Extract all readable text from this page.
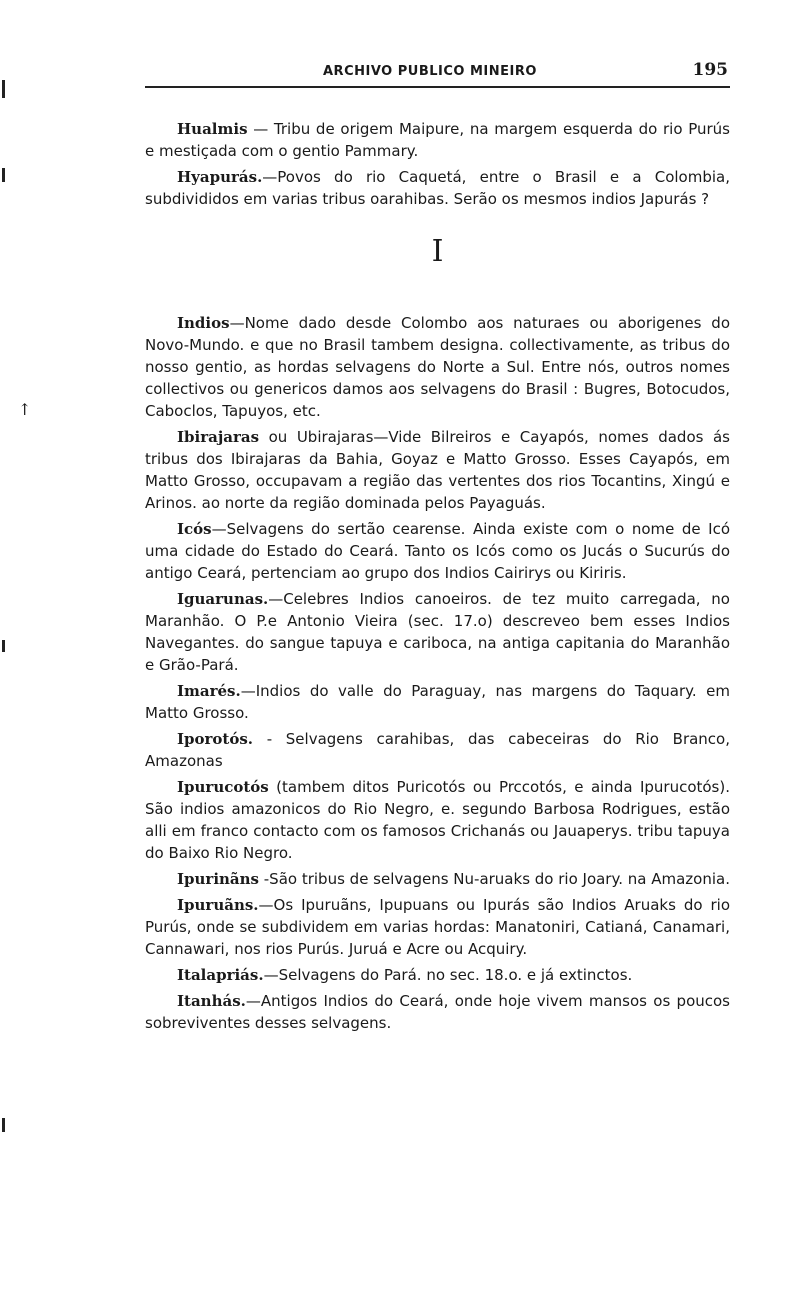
↑
ARCHIVO PUBLICO MINEIRO	195

Hualmis — Tribu de origem Maipure, na margem esquerda do rio Purús e mestiçada com o gentio Pammary.

Hyapurás.—Povos do rio Caquetá, entre o Brasil e a Colombia, subdivididos em varias tribus oarahibas. Serão os mesmos indios Japurás ?

I

Indios—Nome dado desde Colombo aos naturaes ou aborigenes do Novo-Mundo. e que no Brasil tambem designa. collectivamente, as tribus do nosso gentio, as hordas selvagens do Norte a Sul. Entre nós, outros nomes collectivos ou genericos damos aos selvagens do Brasil : Bugres, Botocudos, Caboclos, Tapuyos, etc.

Ibirajaras ou Ubirajaras—Vide Bilreiros e Cayapós, nomes dados ás tribus dos Ibirajaras da Bahia, Goyaz e Matto Grosso. Esses Cayapós, em Matto Grosso, occupavam a região das vertentes dos rios Tocantins, Xingú e Arinos. ao norte da região dominada pelos Payaguás.

Icós—Selvagens do sertão cearense. Ainda existe com o nome de Icó uma cidade do Estado do Ceará. Tanto os Icós como os Jucás o Sucurús do antigo Ceará, pertenciam ao grupo dos Indios Cairirys ou Kiriris.

Iguarunas.—Celebres Indios canoeiros. de tez muito carregada, no Maranhão. O P.e Antonio Vieira (sec. 17.o) descreveo bem esses Indios Navegantes. do sangue tapuya e cariboca, na antiga capitania do Maranhão e Grão-Pará.

Imarés.—Indios do valle do Paraguay, nas margens do Taquary. em Matto Grosso.

Iporotós. - Selvagens carahibas, das cabeceiras do Rio Branco, Amazonas

Ipurucotós (tambem ditos Puricotós ou Prccotós, e ainda Ipurucotós). São indios amazonicos do Rio Negro, e. segundo Barbosa Rodrigues, estão alli em franco contacto com os famosos Crichanás ou Jauaperys. tribu tapuya do Baixo Rio Negro.

Ipurinãns -São tribus de selvagens Nu-aruaks do rio Joary. na Amazonia.

Ipuruãns.—Os Ipuruãns, Ipupuans ou Ipurás são Indios Aruaks do rio Purús, onde se subdividem em varias hordas: Manatoniri, Catianá, Canamari, Cannawari, nos rios Purús. Juruá e Acre ou Acquiry.

Italapriás.—Selvagens do Pará. no sec. 18.o. e já extinctos.

Itanhás.—Antigos Indios do Ceará, onde hoje vivem mansos os poucos sobreviventes desses selvagens.
